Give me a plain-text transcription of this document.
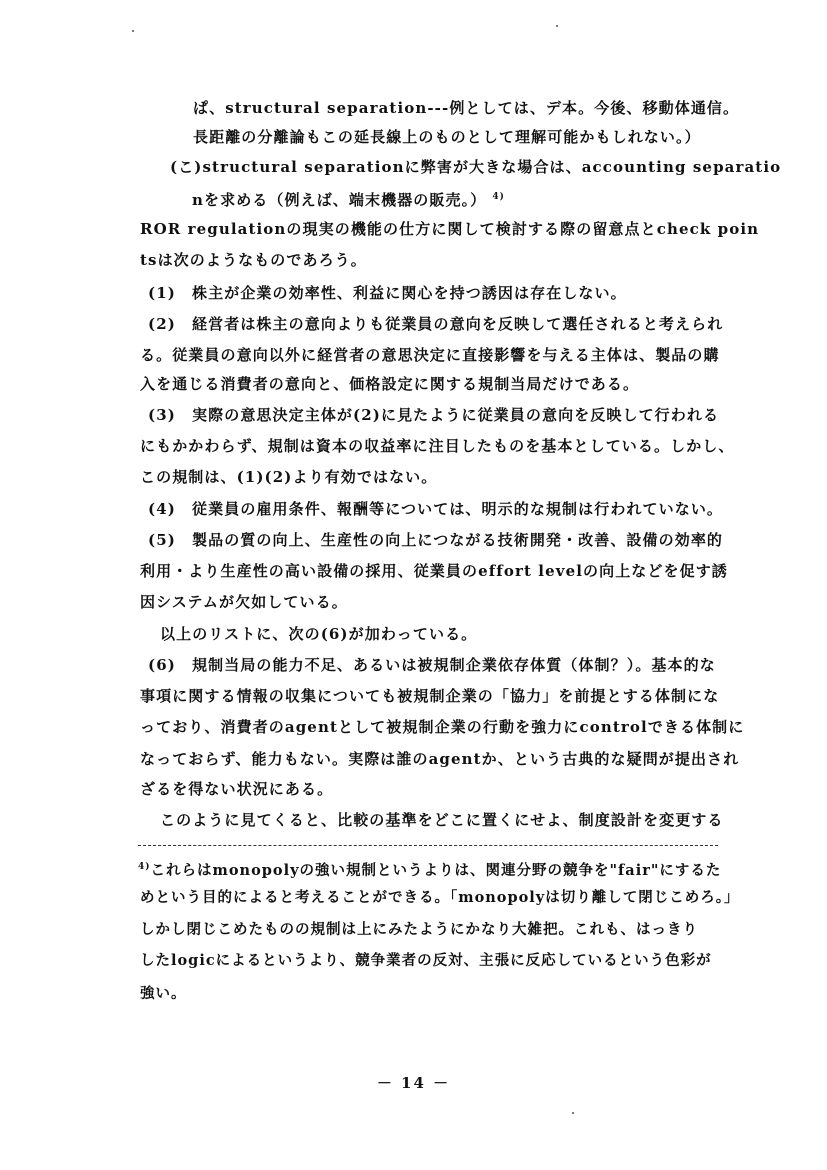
ぱ、structural separation---例としては、デ本。今後、移動体通信。

長距離の分離論もこの延長線上のものとして理解可能かもしれない。）

(こ)structural separationに弊害が大きな場合は、accounting separatio

nを求める（例えば、端末機器の販売。） $^{4)}$

ROR regulationの現実の機能の仕方に関して検討する際の留意点とcheck poin

tsは次のようなものであろう。

(1)　株主が企業の効率性、利益に関心を持つ誘因は存在しない。

(2)　経営者は株主の意向よりも従業員の意向を反映して選任されると考えられ

る。従業員の意向以外に経営者の意思決定に直接影響を与える主体は、製品の購

入を通じる消費者の意向と、価格設定に関する規制当局だけである。

(3)　実際の意思決定主体が(2)に見たように従業員の意向を反映して行われる

にもかかわらず、規制は資本の収益率に注目したものを基本としている。しかし、

この規制は、(1)(2)より有効ではない。

(4)　従業員の雇用条件、報酬等については、明示的な規制は行われていない。

(5)　製品の質の向上、生産性の向上につながる技術開発・改善、設備の効率的

利用・より生産性の高い設備の採用、従業員のeffort levelの向上などを促す誘

因システムが欠如している。

以上のリストに、次の(6)が加わっている。

(6)　規制当局の能力不足、あるいは被規制企業依存体質（体制？）。基本的な

事項に関する情報の収集についても被規制企業の「協力」を前提とする体制にな

っており、消費者のagentとして被規制企業の行動を強力にcontrolできる体制に

なっておらず、能力もない。実際は誰のagentか、という古典的な疑問が提出され

ざるを得ない状況にある。

このように見てくると、比較の基準をどこに置くにせよ、制度設計を変更する

$^{4)}$これらはmonopolyの強い規制というよりは、関連分野の競争を"fair"にするた

めという目的によると考えることができる。「monopolyは切り離して閉じこめろ。」

しかし閉じこめたものの規制は上にみたようにかなり大雑把。これも、はっきり

したlogicによるというより、競争業者の反対、主張に反応しているという色彩が

強い。

－ 14 －
